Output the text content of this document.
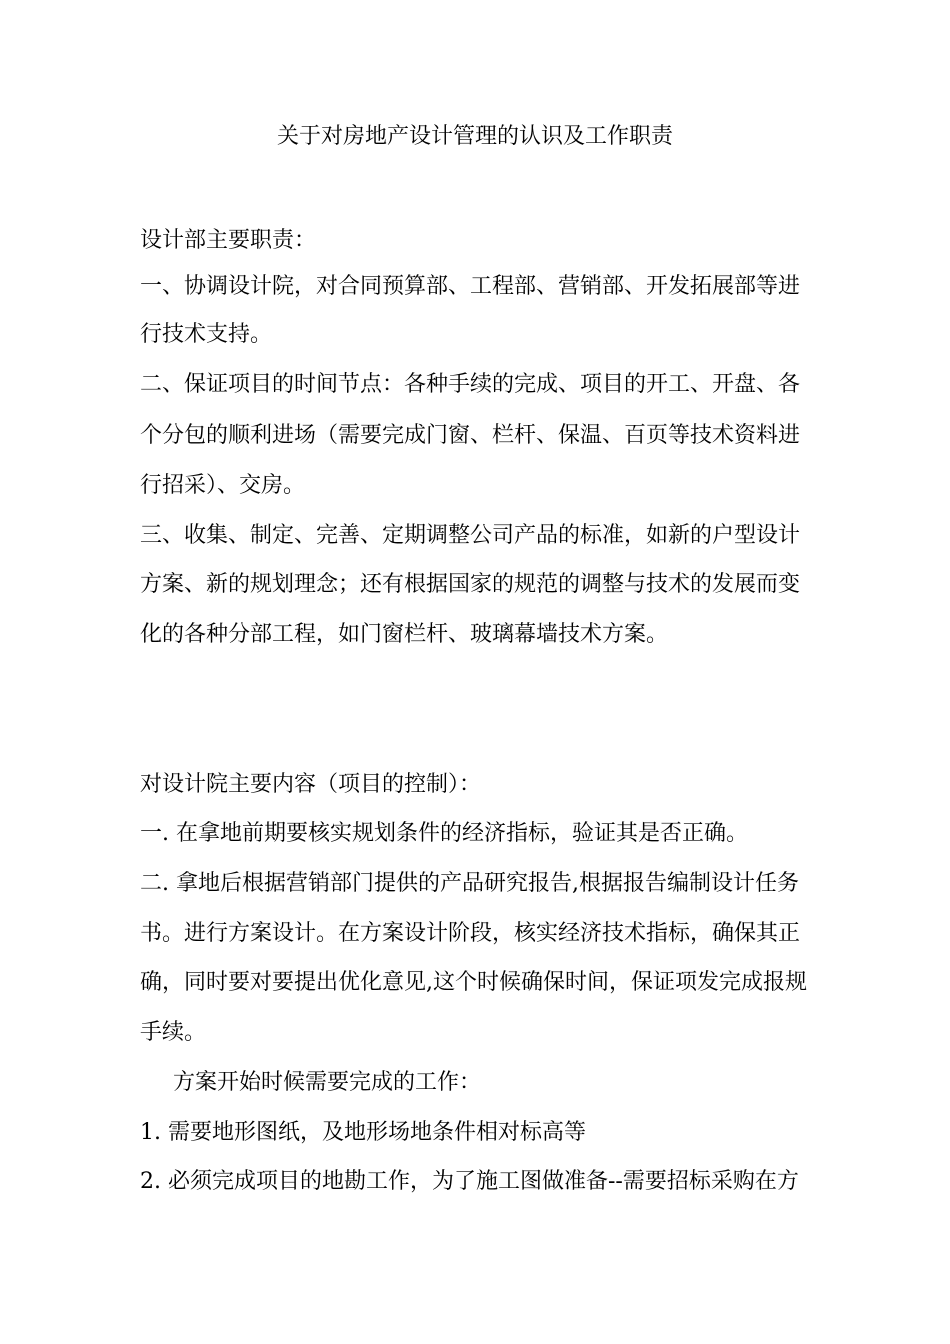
关于对房地产设计管理的认识及工作职责
设计部主要职责：
一、协调设计院，对合同预算部、工程部、营销部、开发拓展部等进
行技术支持。
二、保证项目的时间节点：各种手续的完成、项目的开工、开盘、各
个分包的顺利进场（需要完成门窗、栏杆、保温、百页等技术资料进
行招采）、交房。
三、收集、制定、完善、定期调整公司产品的标准，如新的户型设计
方案、新的规划理念；还有根据国家的规范的调整与技术的发展而变
化的各种分部工程，如门窗栏杆、玻璃幕墙技术方案。
对设计院主要内容（项目的控制）：
一. 在拿地前期要核实规划条件的经济指标，验证其是否正确。
二. 拿地后根据营销部门提供的产品研究报告,根据报告编制设计任务
书。进行方案设计。在方案设计阶段，核实经济技术指标，确保其正
确，同时要对要提出优化意见,这个时候确保时间，保证项发完成报规
手续。
方案开始时候需要完成的工作：
1. 需要地形图纸，及地形场地条件相对标高等
2. 必须完成项目的地勘工作，为了施工图做准备--需要招标采购在方
